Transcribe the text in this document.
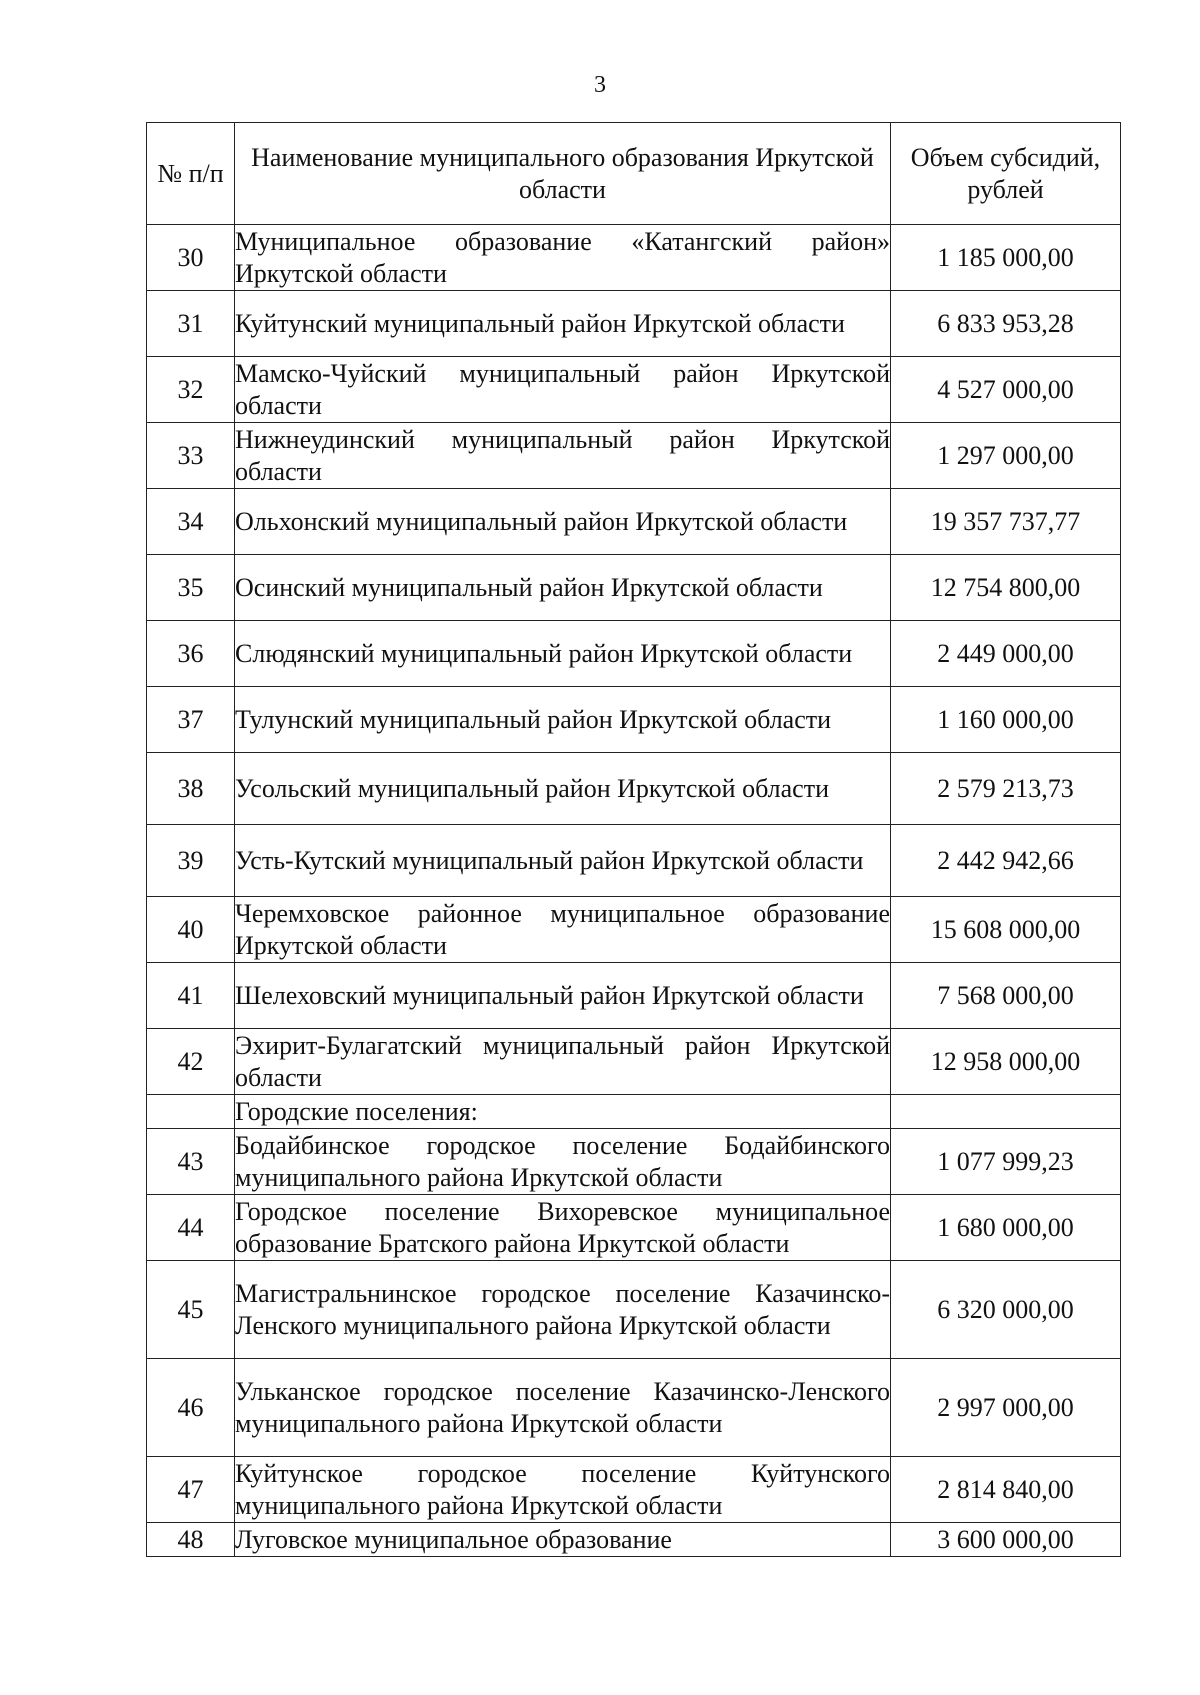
3
№ п/п	Наименование муниципального образования Иркутской области	Объем субсидий, рублей
30	Муниципальное образование «Катангский район» Иркутской области	1 185 000,00
31	Куйтунский муниципальный район Иркутской области	6 833 953,28
32	Мамско-Чуйский муниципальный район Иркутской области	4 527 000,00
33	Нижнеудинский муниципальный район Иркутской области	1 297 000,00
34	Ольхонский муниципальный район Иркутской области	19 357 737,77
35	Осинский муниципальный район Иркутской области	12 754 800,00
36	Слюдянский муниципальный район Иркутской области	2 449 000,00
37	Тулунский муниципальный район Иркутской области	1 160 000,00
38	Усольский муниципальный район Иркутской области	2 579 213,73
39	Усть-Кутский муниципальный район Иркутской области	2 442 942,66
40	Черемховское районное муниципальное образование Иркутской области	15 608 000,00
41	Шелеховский муниципальный район Иркутской области	7 568 000,00
42	Эхирит-Булагатский муниципальный район Иркутской области	12 958 000,00
	Городские поселения:	
43	Бодайбинское городское поселение Бодайбинского муниципального района Иркутской области	1 077 999,23
44	Городское поселение Вихоревское муниципальное образование Братского района Иркутской области	1 680 000,00
45	Магистральнинское городское поселение Казачинско-Ленского муниципального района Иркутской области	6 320 000,00
46	Ульканское городское поселение Казачинско-Ленского муниципального района Иркутской области	2 997 000,00
47	Куйтунское городское поселение Куйтунского муниципального района Иркутской области	2 814 840,00
48	Луговское муниципальное образование	3 600 000,00
